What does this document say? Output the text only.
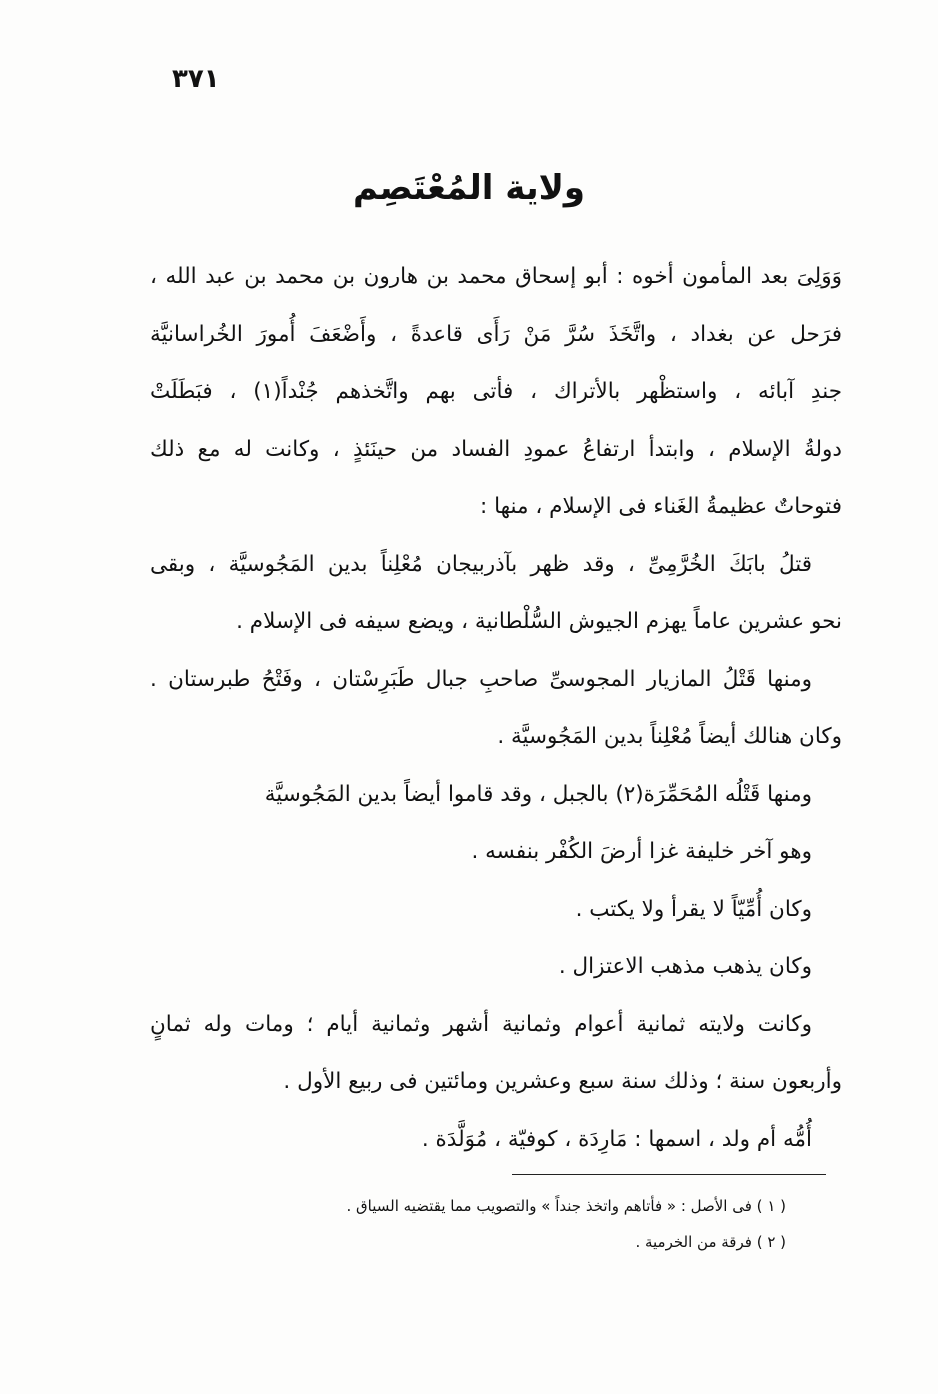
٣٧١
ولاية المُعْتَصِم
وَوَلِىَ بعد المأمون أخوه : أبو إسحاق محمد بن هارون بن محمد بن عبد الله ،
فرَحل عن بغداد ، واتَّخَذَ سُرَّ مَنْ رَأَى قاعدةً ، وأَضْعَفَ أُمورَ الخُراسانيَّة
جندِ آبائه ، واستظْهر بالأتراك ، فأتى بهم واتَّخذهم جُنْداً(١) ، فبَطَلَتْ
دولةُ الإسلام ، وابتدأ ارتفاعُ عمودِ الفساد من حينَئذٍ ، وكانت له مع ذلك
فتوحاتٌ عظيمةُ الغَناء فى الإسلام ، منها :
قتلُ بابَكَ الخُرَّمِىِّ ، وقد ظهر بآذربيجان مُعْلِناً بدين المَجُوسيَّة ، وبقى
نحو عشرين عاماً يهزم الجيوش السُّلْطانية ، ويضع سيفه فى الإسلام .
ومنها قَتْلُ المازيار المجوسىِّ صاحبِ جبال طَبَرِسْتان ، وفَتْحُ طبرستان .
وكان هنالك أيضاً مُعْلِناً بدين المَجُوسيَّة .
ومنها قَتْلُه المُحَمِّرَة(٢) بالجبل ، وقد قاموا أيضاً بدين المَجُوسيَّة
وهو آخر خليفة غزا أرضَ الكُفْر بنفسه .
وكان أُمِّيّاً لا يقرأ ولا يكتب .
وكان يذهب مذهب الاعتزال .
وكانت ولايته ثمانية أعوام وثمانية أشهر وثمانية أيام ؛ ومات وله ثمانٍ
وأربعون سنة ؛ وذلك سنة سبع وعشرين ومائتين فى ربيع الأول .
أُمُّه أم ولد ، اسمها : مَارِدَة ، كوفيّة ، مُوَلَّدَة .
( ١ ) فى الأصل : « فأتاهم واتخذ جنداً » والتصويب مما يقتضيه السياق .
( ٢ ) فرقة من الخرمية .
